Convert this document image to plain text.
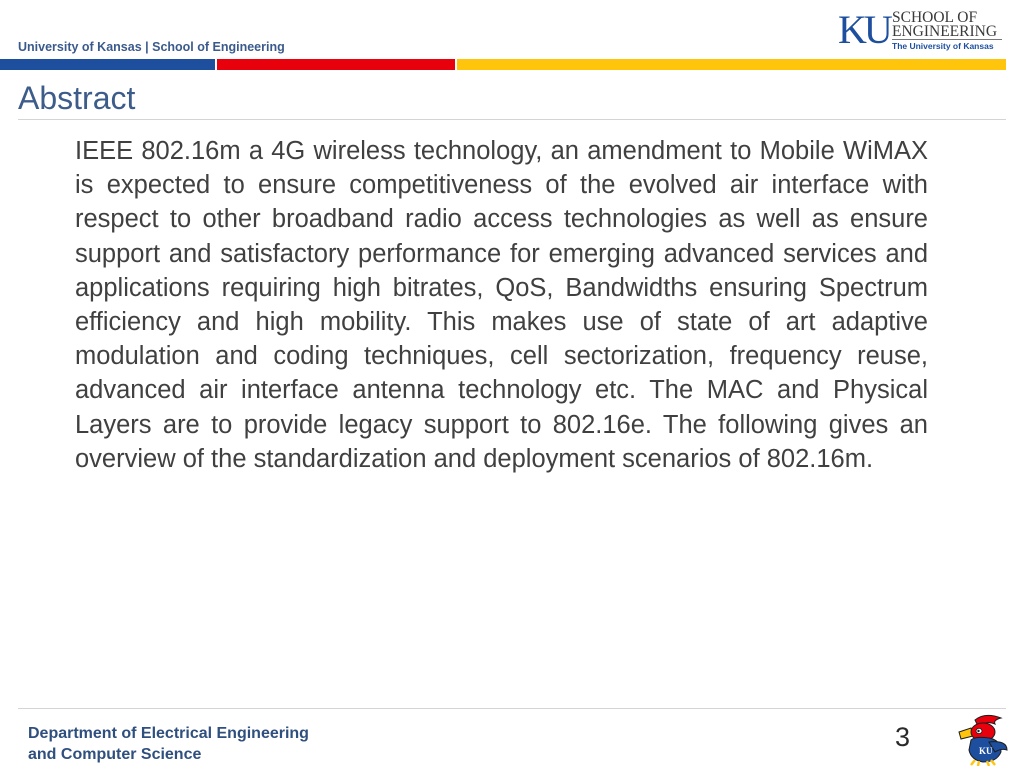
University of Kansas | School of Engineering	KU SCHOOL OF
ENGINEERING
The University of Kansas
Abstract
IEEE 802.16m a 4G wireless technology, an amendment to Mobile WiMAX is expected to ensure competitiveness of the evolved air interface with respect to other broadband radio access technologies as well as ensure support and satisfactory performance for emerging advanced services and applications requiring high bitrates, QoS, Bandwidths ensuring Spectrum efficiency and high mobility. This makes use of state of art adaptive modulation and coding techniques, cell sectorization, frequency reuse, advanced air interface antenna technology etc. The MAC and Physical Layers are to provide legacy support to 802.16e. The following gives an overview of the standardization and deployment scenarios of 802.16m.
Department of Electrical Engineering
and Computer Science
3	KU
